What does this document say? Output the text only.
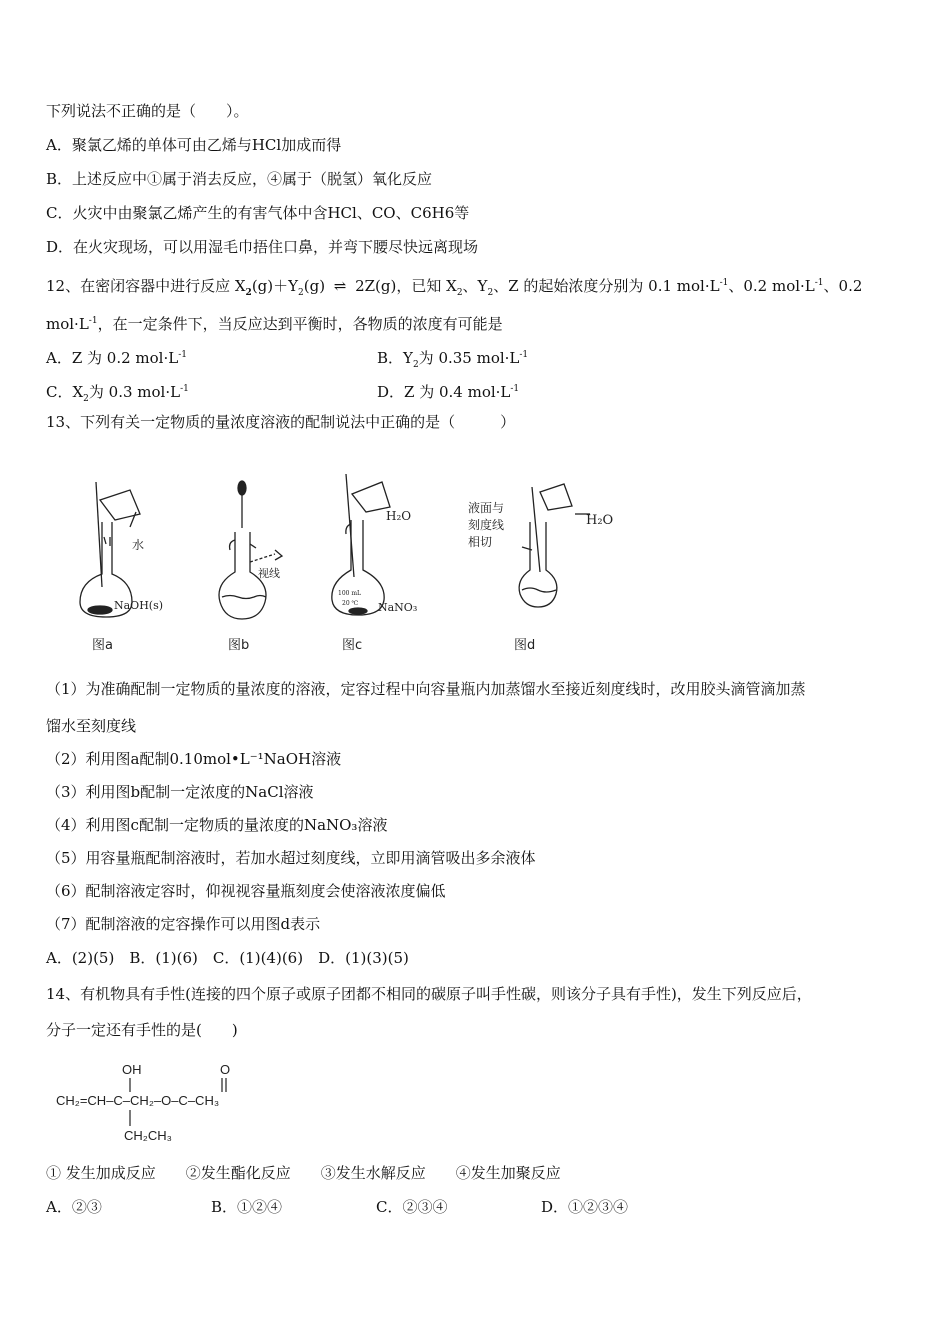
下列说法不正确的是（　　）。
A．聚氯乙烯的单体可由乙烯与HCl加成而得
B．上述反应中①属于消去反应，④属于（脱氢）氧化反应
C．火灾中由聚氯乙烯产生的有害气体中含HCl、CO、C6H6等
D．在火灾现场，可以用湿毛巾捂住口鼻，并弯下腰尽快远离现场
12、在密闭容器中进行反应 $X_2(g)+Y_2(g)$ ⇌ 2Z(g)，已知 $X_2$、$Y_2$、Z 的起始浓度分别为 0.1 $mol\cdot L^{-1}$、0.2 $mol\cdot L^{-1}$、0.2
$mol\cdot L^{-1}$，在一定条件下，当反应达到平衡时，各物质的浓度有可能是
A．Z 为 0.2 $mol\cdot L^{-1}$	B．$Y_2$为 0.35 $mol\cdot L^{-1}$
C．$X_2$为 0.3 $mol\cdot L^{-1}$	D．Z 为 0.4 $mol\cdot L^{-1}$
13、下列有关一定物质的量浓度溶液的配制说法中正确的是（　　　）
水
NaOH(s)
图a
视线
图b
H₂O
100 mL
20 ℃ NaNO₃
图c
液面与
刻度线
相切
H₂O
图d
（1）为准确配制一定物质的量浓度的溶液，定容过程中向容量瓶内加蒸馏水至接近刻度线时，改用胶头滴管滴加蒸
馏水至刻度线
（2）利用图a配制0.10mol•L⁻¹NaOH溶液
（3）利用图b配制一定浓度的NaCl溶液
（4）利用图c配制一定物质的量浓度的NaNO₃溶液
（5）用容量瓶配制溶液时，若加水超过刻度线，立即用滴管吸出多余液体
（6）配制溶液定容时，仰视视容量瓶刻度会使溶液浓度偏低
（7）配制溶液的定容操作可以用图d表示
A．(2)(5)　B．(1)(6)　C．(1)(4)(6)　D．(1)(3)(5)
14、有机物具有手性(连接的四个原子或原子团都不相同的碳原子叫手性碳，则该分子具有手性)，发生下列反应后，
分子一定还有手性的是(　　)
OH	O
CH₂=CH–C–CH₂–O–C–CH₃
CH₂CH₃
① 发生加成反应　　②发生酯化反应　　③发生水解反应　　④发生加聚反应
A．②③	B．①②④	C．②③④	D．①②③④
